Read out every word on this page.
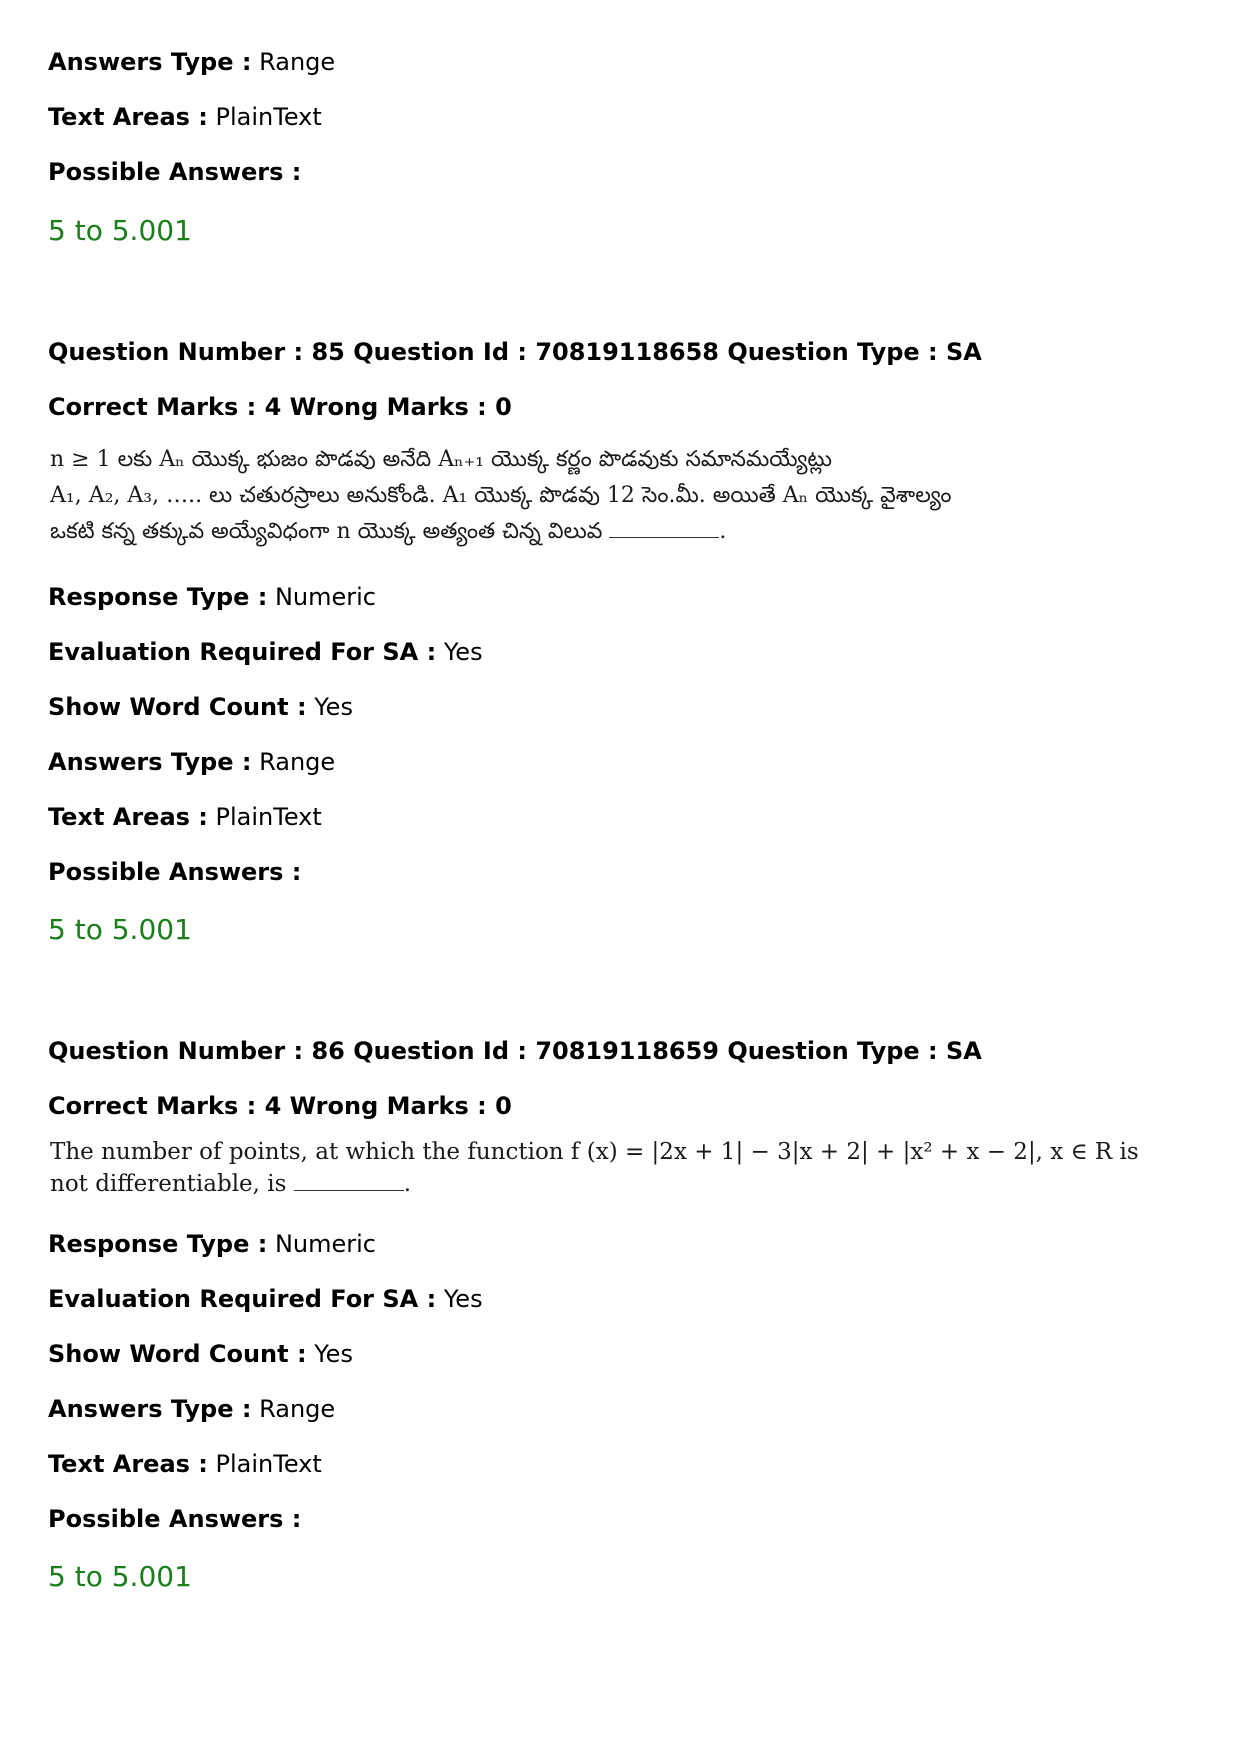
Answers Type : Range
Text Areas : PlainText
Possible Answers :
5 to 5.001
Question Number : 85 Question Id : 70819118658 Question Type : SA
Correct Marks : 4 Wrong Marks : 0
n ≥ 1 లకు Aₙ యొక్క భుజం పొడవు అనేది Aₙ₊₁ యొక్క కర్ణం పొడవుకు సమానమయ్యేట్లు
A₁, A₂, A₃, ….. లు చతురస్రాలు అనుకోండి. A₁ యొక్క పొడవు 12 సెం.మీ. అయితే Aₙ యొక్క వైశాల్యం
ఒకటి కన్న తక్కువ అయ్యేవిధంగా n యొక్క అత్యంత చిన్న విలువ	.
Response Type : Numeric
Evaluation Required For SA : Yes
Show Word Count : Yes
Answers Type : Range
Text Areas : PlainText
Possible Answers :
5 to 5.001
Question Number : 86 Question Id : 70819118659 Question Type : SA
Correct Marks : 4 Wrong Marks : 0
The number of points, at which the function f (x) = |2x + 1| − 3|x + 2| + |x² + x − 2|, x ∈ R is
not differentiable, is	.
Response Type : Numeric
Evaluation Required For SA : Yes
Show Word Count : Yes
Answers Type : Range
Text Areas : PlainText
Possible Answers :
5 to 5.001
